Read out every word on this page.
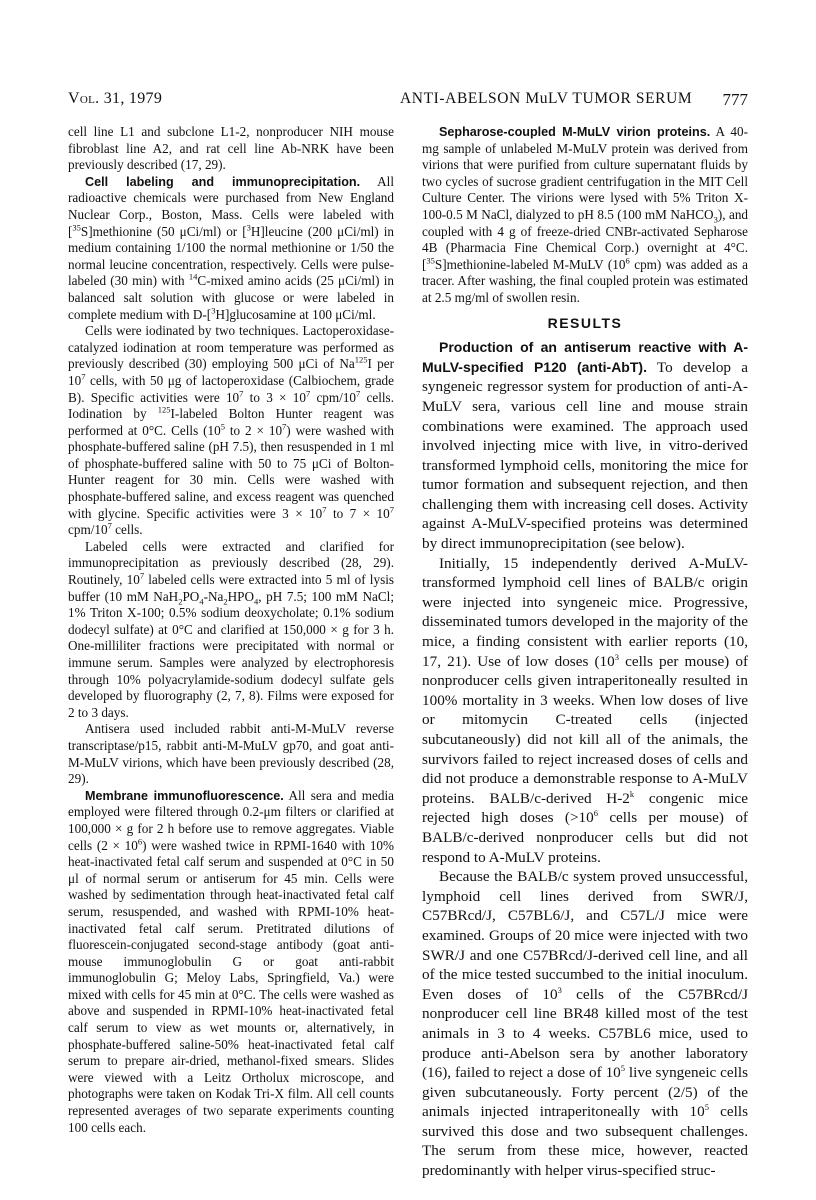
Vol. 31, 1979	ANTI-ABELSON MuLV TUMOR SERUM 777

cell line L1 and subclone L1-2, nonproducer NIH mouse fibroblast line A2, and rat cell line Ab-NRK have been previously described (17, 29).

Cell labeling and immunoprecipitation. All radioactive chemicals were purchased from New England Nuclear Corp., Boston, Mass. Cells were labeled with [$^{35}$S]methionine (50 μCi/ml) or [$^3$H]leucine (200 μCi/ml) in medium containing 1/100 the normal methionine or 1/50 the normal leucine concentration, respectively. Cells were pulse-labeled (30 min) with $^{14}$C-mixed amino acids (25 μCi/ml) in balanced salt solution with glucose or were labeled in complete medium with D-[$^3$H]glucosamine at 100 μCi/ml.

Cells were iodinated by two techniques. Lactoperoxidase-catalyzed iodination at room temperature was performed as previously described (30) employing 500 μCi of Na$^{125}$I per $10^7$ cells, with 50 μg of lactoperoxidase (Calbiochem, grade B). Specific activities were $10^7$ to $3 \times 10^7$ cpm/$10^7$ cells. Iodination by $^{125}$I-labeled Bolton Hunter reagent was performed at 0°C. Cells ($10^5$ to $2 \times 10^7$) were washed with phosphate-buffered saline (pH 7.5), then resuspended in 1 ml of phosphate-buffered saline with 50 to 75 μCi of Bolton-Hunter reagent for 30 min. Cells were washed with phosphate-buffered saline, and excess reagent was quenched with glycine. Specific activities were $3 \times 10^7$ to $7 \times 10^7$ cpm/$10^7$ cells.

Labeled cells were extracted and clarified for immunoprecipitation as previously described (28, 29). Routinely, $10^7$ labeled cells were extracted into 5 ml of lysis buffer (10 mM $NaH_2PO_4-Na_2HPO_4$, pH 7.5; 100 mM NaCl; 1% Triton X-100; 0.5% sodium deoxycholate; 0.1% sodium dodecyl sulfate) at 0°C and clarified at 150,000 × g for 3 h. One-milliliter fractions were precipitated with normal or immune serum. Samples were analyzed by electrophoresis through 10% polyacrylamide-sodium dodecyl sulfate gels developed by fluorography (2, 7, 8). Films were exposed for 2 to 3 days.

Antisera used included rabbit anti-M-MuLV reverse transcriptase/p15, rabbit anti-M-MuLV gp70, and goat anti-M-MuLV virions, which have been previously described (28, 29).

Membrane immunofluorescence. All sera and media employed were filtered through 0.2-μm filters or clarified at 100,000 × g for 2 h before use to remove aggregates. Viable cells $(2 \times 10^6)$ were washed twice in RPMI-1640 with 10% heat-inactivated fetal calf serum and suspended at 0°C in 50 μl of normal serum or antiserum for 45 min. Cells were washed by sedimentation through heat-inactivated fetal calf serum, resuspended, and washed with RPMI-10% heat-inactivated fetal calf serum. Pretitrated dilutions of fluorescein-conjugated second-stage antibody (goat anti-mouse immunoglobulin G or goat anti-rabbit immunoglobulin G; Meloy Labs, Springfield, Va.) were mixed with cells for 45 min at 0°C. The cells were washed as above and suspended in RPMI-10% heat-inactivated fetal calf serum to view as wet mounts or, alternatively, in phosphate-buffered saline-50% heat-inactivated fetal calf serum to prepare air-dried, methanol-fixed smears. Slides were viewed with a Leitz Ortholux microscope, and photographs were taken on Kodak Tri-X film. All cell counts represented averages of two separate experiments counting 100 cells each.

Sepharose-coupled M-MuLV virion proteins. A 40-mg sample of unlabeled M-MuLV protein was derived from virions that were purified from culture supernatant fluids by two cycles of sucrose gradient centrifugation in the MIT Cell Culture Center. The virions were lysed with 5% Triton X-100-0.5 M NaCl, dialyzed to pH 8.5 (100 mM NaHCO$_3$), and coupled with 4 g of freeze-dried CNBr-activated Sepharose 4B (Pharmacia Fine Chemical Corp.) overnight at 4°C. [$^{35}$S]methionine-labeled M-MuLV ($10^6$ cpm) was added as a tracer. After washing, the final coupled protein was estimated at 2.5 mg/ml of swollen resin.

RESULTS

Production of an antiserum reactive with A-MuLV-specified P120 (anti-AbT). To develop a syngeneic regressor system for production of anti-A-MuLV sera, various cell line and mouse strain combinations were examined. The approach used involved injecting mice with live, in vitro-derived transformed lymphoid cells, monitoring the mice for tumor formation and subsequent rejection, and then challenging them with increasing cell doses. Activity against A-MuLV-specified proteins was determined by direct immunoprecipitation (see below).

Initially, 15 independently derived A-MuLV-transformed lymphoid cell lines of BALB/c origin were injected into syngeneic mice. Progressive, disseminated tumors developed in the majority of the mice, a finding consistent with earlier reports (10, 17, 21). Use of low doses ($10^3$ cells per mouse) of nonproducer cells given intraperitoneally resulted in 100% mortality in 3 weeks. When low doses of live or mitomycin C-treated cells (injected subcutaneously) did not kill all of the animals, the survivors failed to reject increased doses of cells and did not produce a demonstrable response to A-MuLV proteins. BALB/c-derived H-2$^k$ congenic mice rejected high doses ($>10^6$ cells per mouse) of BALB/c-derived nonproducer cells but did not respond to A-MuLV proteins.

Because the BALB/c system proved unsuccessful, lymphoid cell lines derived from SWR/J, C57BRcd/J, C57BL6/J, and C57L/J mice were examined. Groups of 20 mice were injected with two SWR/J and one C57BRcd/J-derived cell line, and all of the mice tested succumbed to the initial inoculum. Even doses of $10^3$ cells of the C57BRcd/J nonproducer cell line BR48 killed most of the test animals in 3 to 4 weeks. C57BL6 mice, used to produce anti-Abelson sera by another laboratory (16), failed to reject a dose of $10^5$ live syngeneic cells given subcutaneously. Forty percent (2/5) of the animals injected intraperitoneally with $10^5$ cells survived this dose and two subsequent challenges. The serum from these mice, however, reacted predominantly with helper virus-specified struc-
